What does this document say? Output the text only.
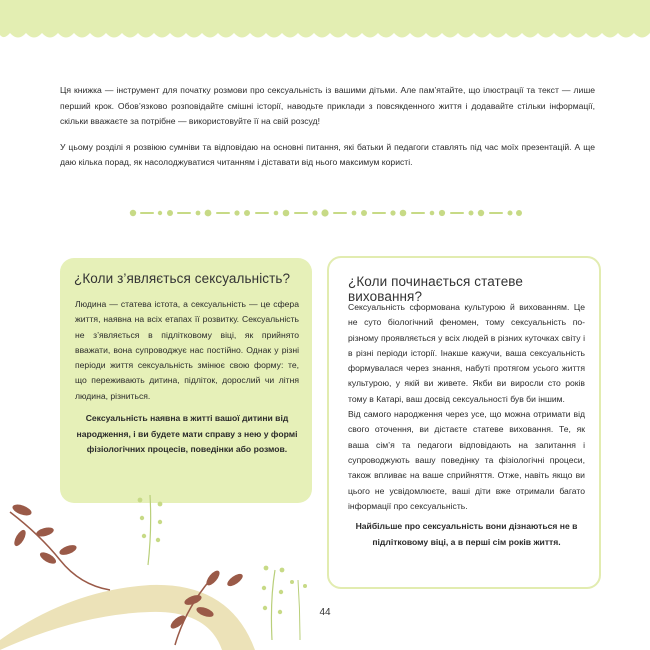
Ця книжка — інструмент для початку розмови про сексуальність із вашими дітьми. Але пам’ятайте, що ілюстрації та текст — лише перший крок. Обов’язково розповідайте смішні історії, наводьте приклади з повсякденного життя і додавайте стільки інформації, скільки вважаєте за потрібне — використовуйте її на свій розсуд!

У цьому розділі я розвіюю сумніви та відповідаю на основні питання, які батьки й педагоги ставлять під час моїх презентацій. А ще даю кілька порад, як насолоджуватися читанням і діставати від нього максимум користі.

¿Коли з’являється сексуальність?

Людина — статева істота, а сексуальність — це сфера життя, наявна на всіх етапах її розвитку. Сексуальність не з’являється в підлітковому віці, як прийнято вважати, вона супроводжує нас постійно. Однак у різні періоди життя сексуальність змінює свою форму: те, що переживають дитина, підліток, дорослий чи літня людина, різниться.

Сексуальність наявна в житті вашої дитини від народження, і ви будете мати справу з нею у формі фізіологічних процесів, поведінки або розмов.

¿Коли починається статеве виховання?

Сексуальність сформована культурою й вихованням. Це не суто біологічний феномен, тому сексуальність по-різному проявляється у всіх людей в різних куточках світу і в різні періоди історії. Інакше кажучи, ваша сексуальність формувалася через знання, набуті протягом усього життя культурою, у якій ви живете. Якби ви виросли сто років тому в Катарі, ваш досвід сексуальності був би іншим.

Від самого народження через усе, що можна отримати від свого оточення, ви дістаєте статеве виховання. Те, як ваша сім’я та педагоги відповідають на запитання і супроводжують вашу поведінку та фізіологічні процеси, також впливає на ваше сприйняття. Отже, навіть якщо ви цього не усвідомлюєте, ваші діти вже отримали багато інформації про сексуальність.

Найбільше про сексуальність вони дізнаються не в підлітковому віці, а в перші сім років життя.

44
